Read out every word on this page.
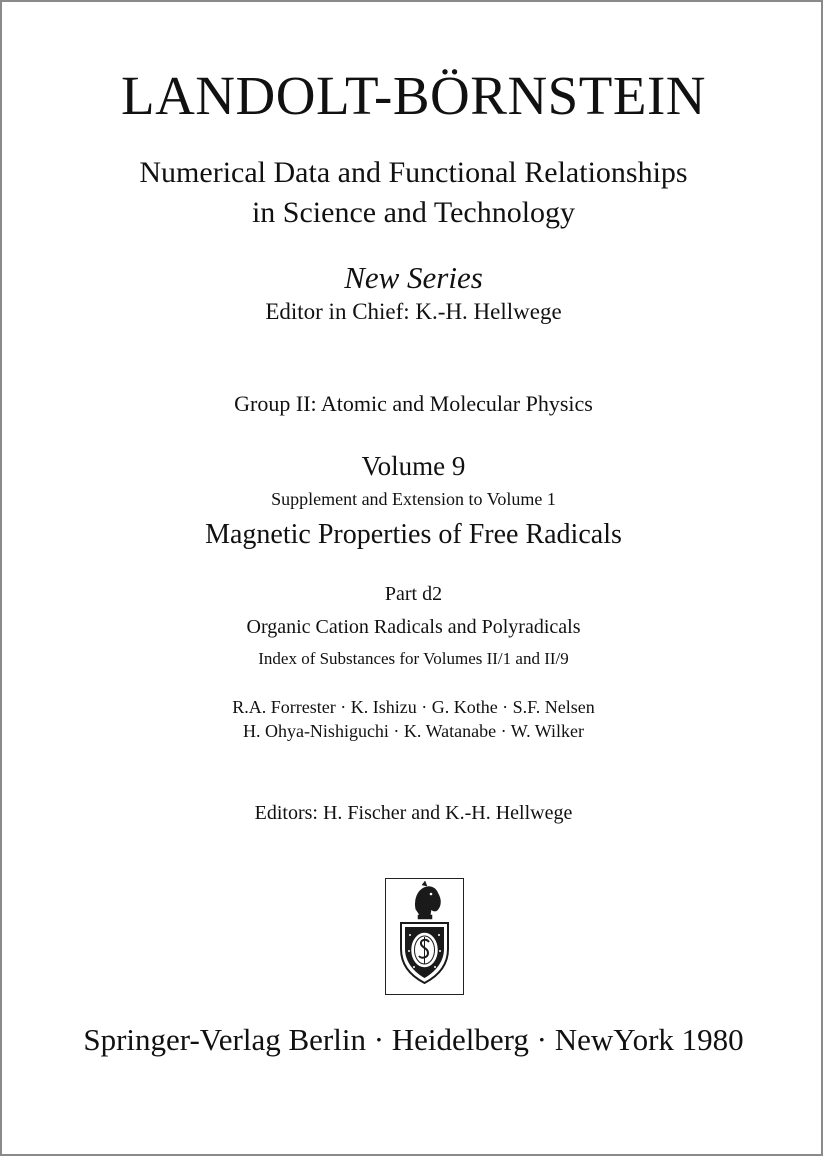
LANDOLT-BÖRNSTEIN
Numerical Data and Functional Relationships
in Science and Technology
New Series
Editor in Chief: K.-H. Hellwege
Group II: Atomic and Molecular Physics
Volume 9
Supplement and Extension to Volume 1
Magnetic Properties of Free Radicals
Part d2
Organic Cation Radicals and Polyradicals
Index of Substances for Volumes II/1 and II/9
R.A. Forrester · K. Ishizu · G. Kothe · S.F. Nelsen
H. Ohya-Nishiguchi · K. Watanabe · W. Wilker
Editors: H. Fischer and K.-H. Hellwege
Springer-Verlag Berlin · Heidelberg · NewYork 1980
